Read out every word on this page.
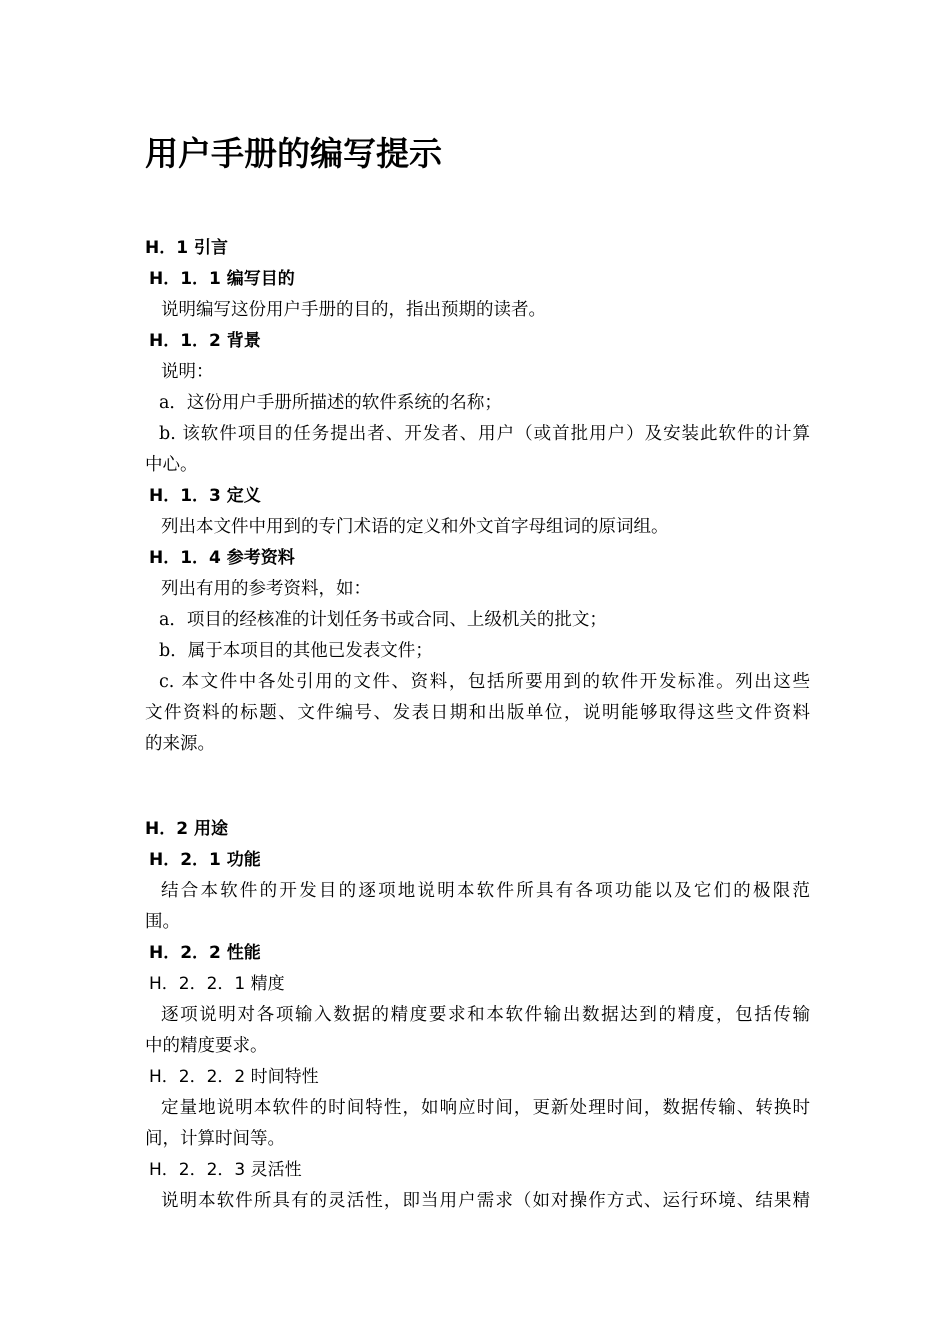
用户手册的编写提示

H．1 引言

H．1．1 编写目的

说明编写这份用户手册的目的，指出预期的读者。

H．1．2 背景

说明：

a．这份用户手册所描述的软件系统的名称；

b. 该软件项目的任务提出者、开发者、用户（或首批用户）及安装此软件的计算

中心。

H．1．3 定义

列出本文件中用到的专门术语的定义和外文首字母组词的原词组。

H．1．4 参考资料

列出有用的参考资料，如：

a．项目的经核准的计划任务书或合同、上级机关的批文；

b．属于本项目的其他已发表文件；

c. 本文件中各处引用的文件、资料，包括所要用到的软件开发标准。列出这些

文件资料的标题、文件编号、发表日期和出版单位，说明能够取得这些文件资料

的来源。

H．2 用途

H．2．1 功能

结合本软件的开发目的逐项地说明本软件所具有各项功能以及它们的极限范

围。

H．2．2 性能

H．2．2．1 精度

逐项说明对各项输入数据的精度要求和本软件输出数据达到的精度，包括传输

中的精度要求。

H．2．2．2 时间特性

定量地说明本软件的时间特性，如响应时间，更新处理时间，数据传输、转换时

间，计算时间等。

H．2．2．3 灵活性

说明本软件所具有的灵活性，即当用户需求（如对操作方式、运行环境、结果精
